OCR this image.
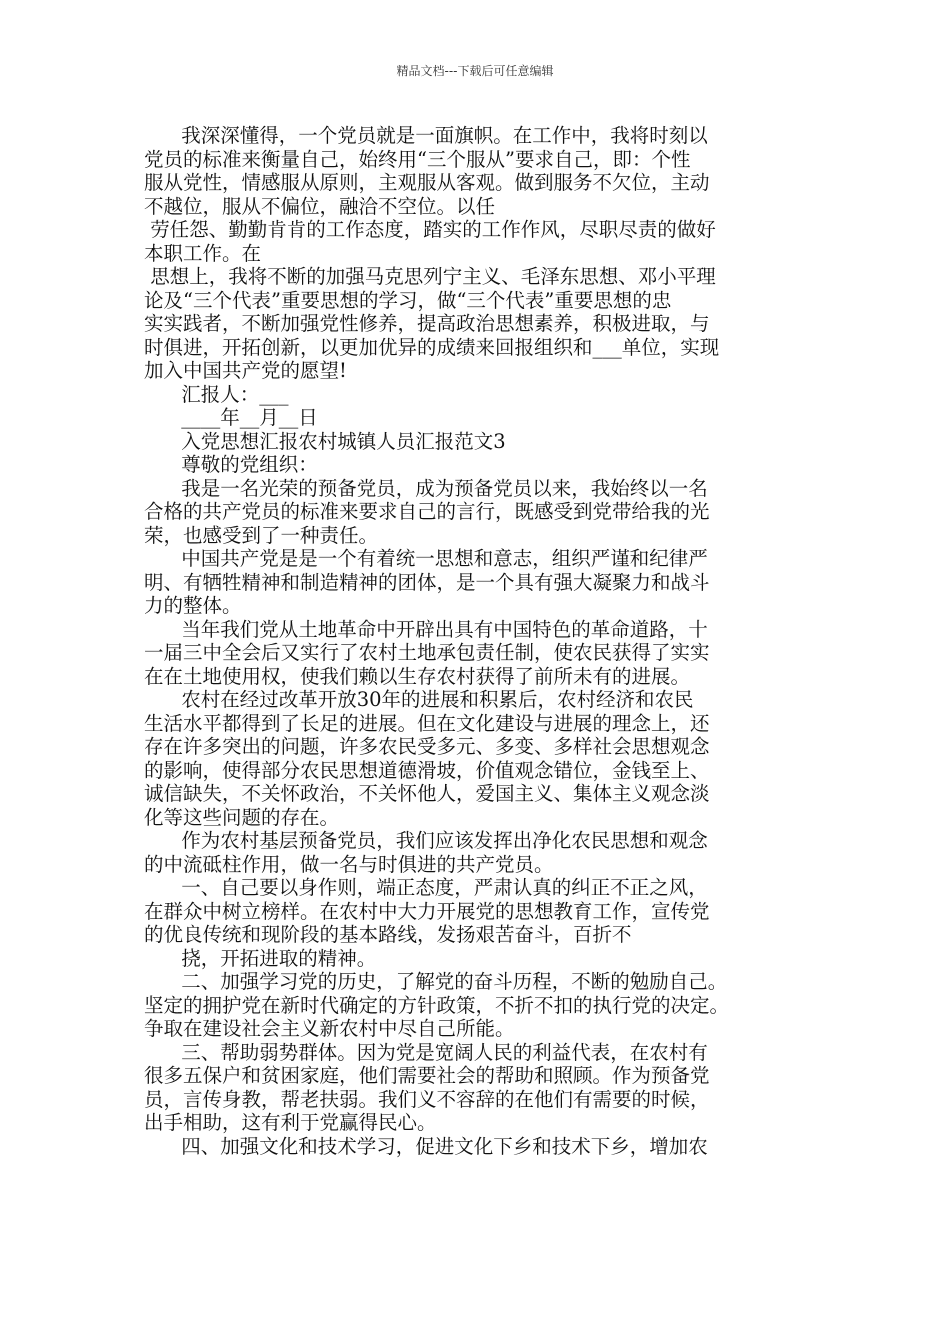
精品文档---下载后可任意编辑
我深深懂得，一个党员就是一面旗帜。在工作中，我将时刻以
党员的标准来衡量自己，始终用“三个服从”要求自己，即：个性
服从党性，情感服从原则，主观服从客观。做到服务不欠位，主动
不越位，服从不偏位，融洽不空位。以任
劳任怨、勤勤肯肯的工作态度，踏实的工作作风，尽职尽责的做好
本职工作。在
思想上，我将不断的加强马克思列宁主义、毛泽东思想、邓小平理
论及“三个代表”重要思想的学习，做“三个代表”重要思想的忠
实实践者，不断加强党性修养，提高政治思想素养，积极进取，与
时俱进，开拓创新，以更加优异的成绩来回报组织和___单位，实现
加入中国共产党的愿望!
汇报人：___
____年__月__日
入党思想汇报农村城镇人员汇报范文3
尊敬的党组织：
我是一名光荣的预备党员，成为预备党员以来，我始终以一名
合格的共产党员的标准来要求自己的言行，既感受到党带给我的光
荣，也感受到了一种责任。
中国共产党是是一个有着统一思想和意志，组织严谨和纪律严
明、有牺牲精神和制造精神的团体，是一个具有强大凝聚力和战斗
力的整体。
当年我们党从土地革命中开辟出具有中国特色的革命道路，十
一届三中全会后又实行了农村土地承包责任制，使农民获得了实实
在在土地使用权，使我们赖以生存农村获得了前所未有的进展。
农村在经过改革开放30年的进展和积累后，农村经济和农民
生活水平都得到了长足的进展。但在文化建设与进展的理念上，还
存在许多突出的问题，许多农民受多元、多变、多样社会思想观念
的影响，使得部分农民思想道德滑坡，价值观念错位，金钱至上、
诚信缺失，不关怀政治，不关怀他人，爱国主义、集体主义观念淡
化等这些问题的存在。
作为农村基层预备党员，我们应该发挥出净化农民思想和观念
的中流砥柱作用，做一名与时俱进的共产党员。
一、自己要以身作则，端正态度，严肃认真的纠正不正之风，
在群众中树立榜样。在农村中大力开展党的思想教育工作，宣传党
的优良传统和现阶段的基本路线，发扬艰苦奋斗，百折不
挠，开拓进取的精神。
二、加强学习党的历史，了解党的奋斗历程，不断的勉励自己。
坚定的拥护党在新时代确定的方针政策，不折不扣的执行党的决定。
争取在建设社会主义新农村中尽自己所能。
三、帮助弱势群体。因为党是宽阔人民的利益代表，在农村有
很多五保户和贫困家庭，他们需要社会的帮助和照顾。作为预备党
员，言传身教，帮老扶弱。我们义不容辞的在他们有需要的时候，
出手相助，这有利于党赢得民心。
四、加强文化和技术学习，促进文化下乡和技术下乡，增加农
